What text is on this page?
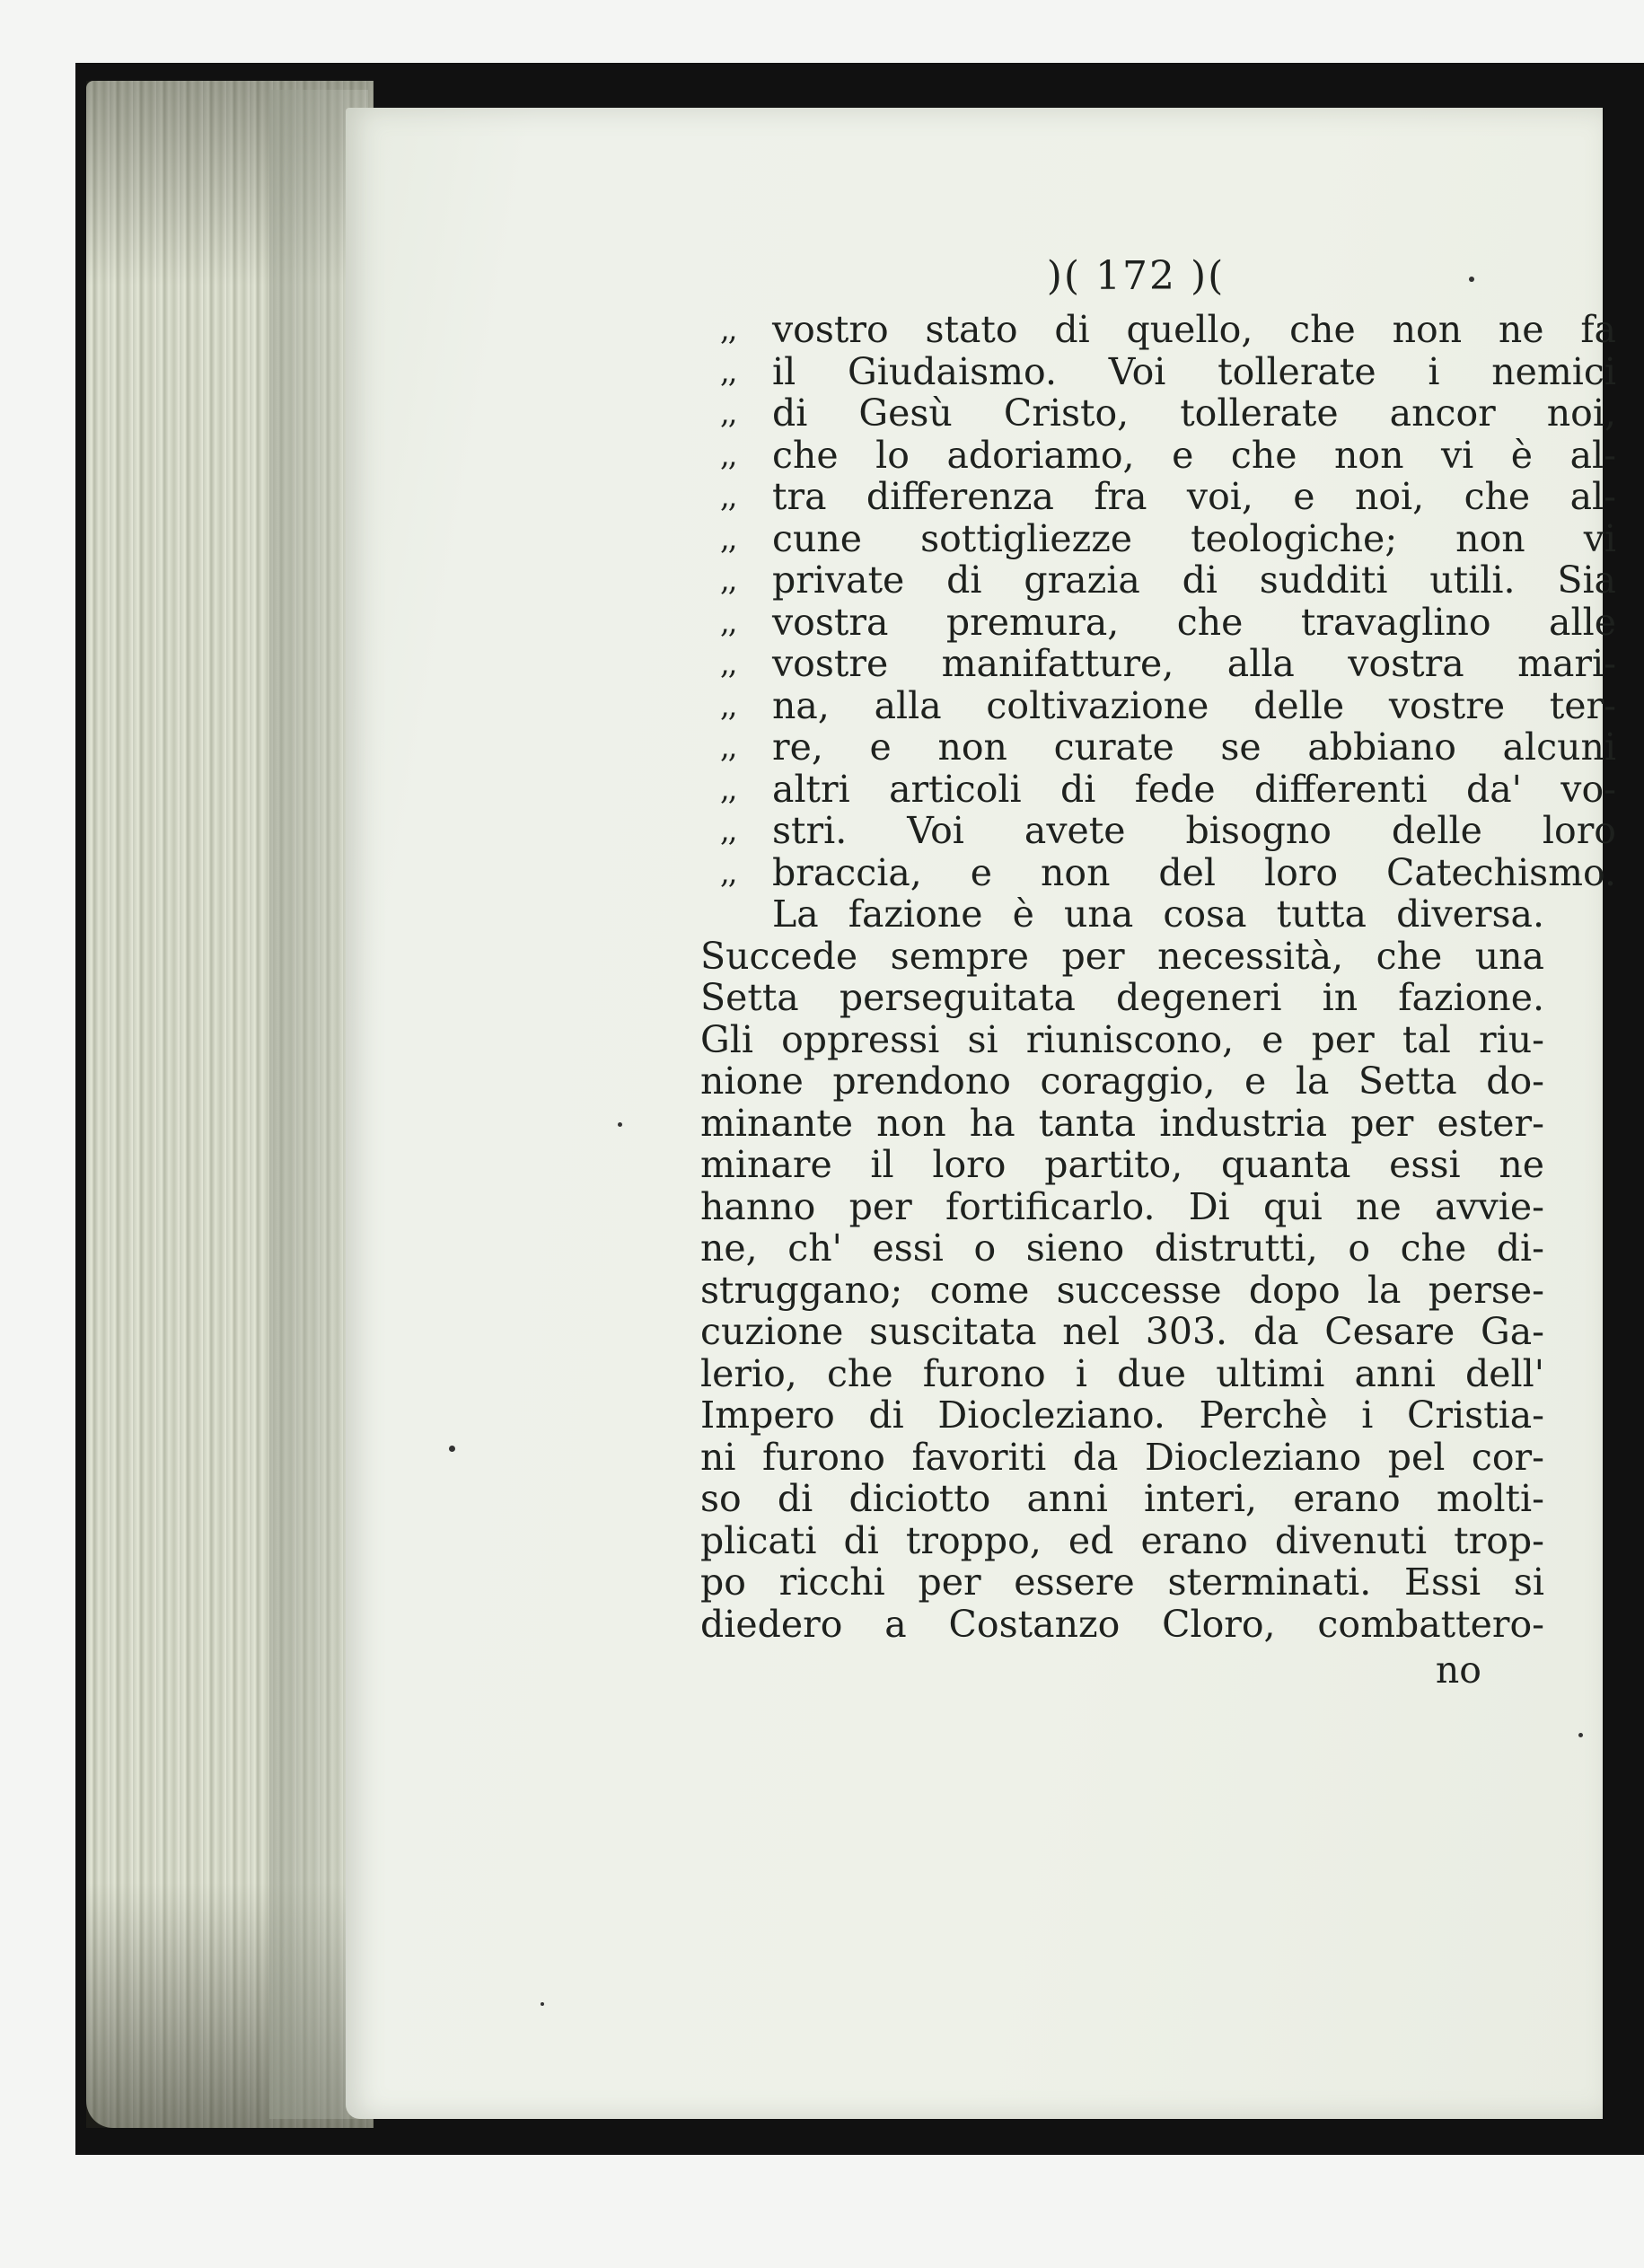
)( 172 )(
,, vostro stato di quello, che non ne fa
,, il Giudaismo. Voi tollerate i nemici
,, di Gesù Cristo, tollerate ancor noi,
,, che lo adoriamo, e che non vi è al-
,, tra differenza fra voi, e noi, che al-
,, cune sottigliezze teologiche; non vi
,, private di grazia di sudditi utili. Sia
,, vostra premura, che travaglino alle
,, vostre manifatture, alla vostra mari-
,, na, alla coltivazione delle vostre ter-
,, re, e non curate se abbiano alcuni
,, altri articoli di fede differenti da' vo-
,, stri. Voi avete bisogno delle loro
,, braccia, e non del loro Catechismo.
La fazione è una cosa tutta diversa.
Succede sempre per necessità, che una
Setta perseguitata degeneri in fazione.
Gli oppressi si riuniscono, e per tal riu-
nione prendono coraggio, e la Setta do-
minante non ha tanta industria per ester-
minare il loro partito, quanta essi ne
hanno per fortificarlo. Di qui ne avvie-
ne, ch' essi o sieno distrutti, o che di-
struggano; come successe dopo la perse-
cuzione suscitata nel 303. da Cesare Ga-
lerio, che furono i due ultimi anni dell'
Impero di Diocleziano. Perchè i Cristia-
ni furono favoriti da Diocleziano pel cor-
so di diciotto anni interi, erano molti-
plicati di troppo, ed erano divenuti trop-
po ricchi per essere sterminati. Essi si
diedero a Costanzo Cloro, combattero-
no
